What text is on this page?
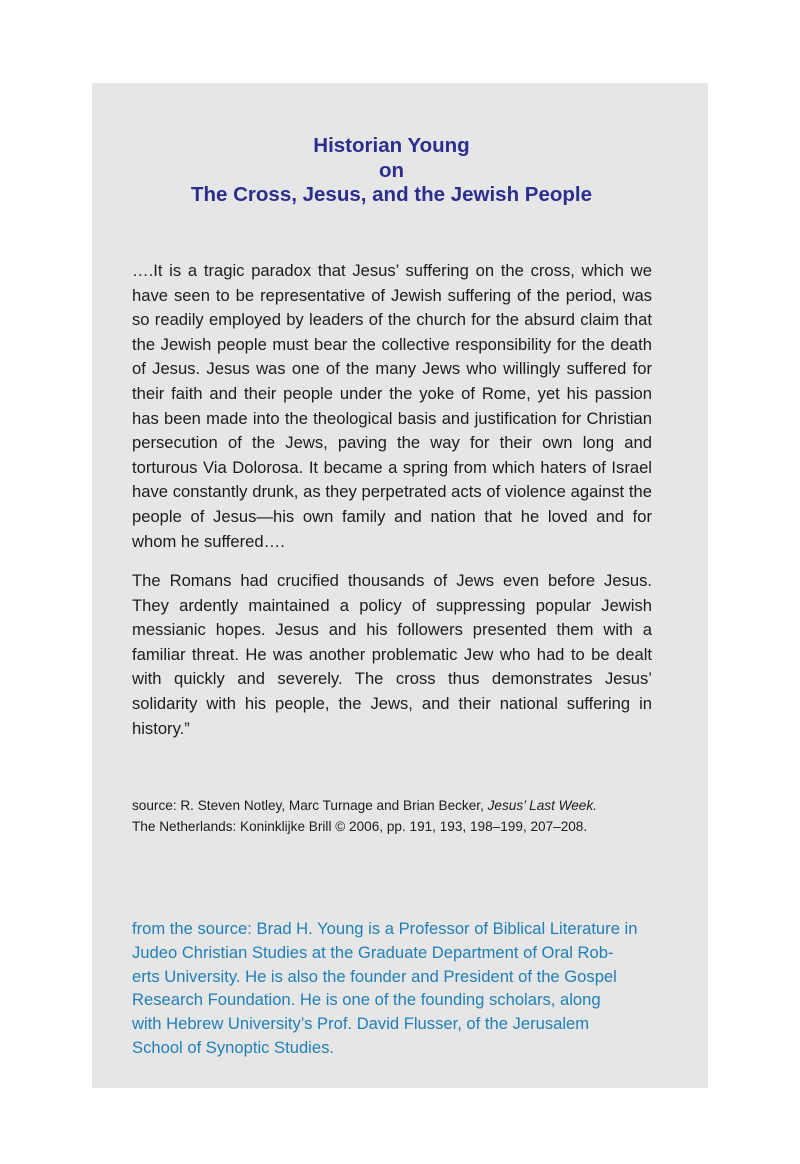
Historian Young
on
The Cross, Jesus, and the Jewish People

….It is a tragic paradox that Jesus’ suffering on the cross, which we have seen to be representative of Jewish suffering of the period, was so readily employed by leaders of the church for the absurd claim that the Jewish people must bear the collective responsibility for the death of Jesus. Jesus was one of the many Jews who willingly suffered for their faith and their people under the yoke of Rome, yet his passion has been made into the theological basis and justification for Christian persecution of the Jews, paving the way for their own long and torturous Via Dolorosa. It became a spring from which haters of Israel have constantly drunk, as they perpetrated acts of violence against the people of Jesus—his own family and nation that he loved and for whom he suffered….

The Romans had crucified thousands of Jews even before Jesus. They ardently maintained a policy of suppressing popular Jewish messianic hopes. Jesus and his followers presented them with a familiar threat. He was another problematic Jew who had to be dealt with quickly and severely. The cross thus demonstrates Jesus’ solidarity with his people, the Jews, and their national suffering in history.”

source: R. Steven Notley, Marc Turnage and Brian Becker, Jesus’ Last Week.
The Netherlands: Koninklijke Brill © 2006, pp. 191, 193, 198–199, 207–208.
from the source: Brad H. Young is a Professor of Biblical Literature in
Judeo Christian Studies at the Graduate Department of Oral Rob-
erts University. He is also the founder and President of the Gospel
Research Foundation. He is one of the founding scholars, along
with Hebrew University’s Prof. David Flusser, of the Jerusalem
School of Synoptic Studies.
